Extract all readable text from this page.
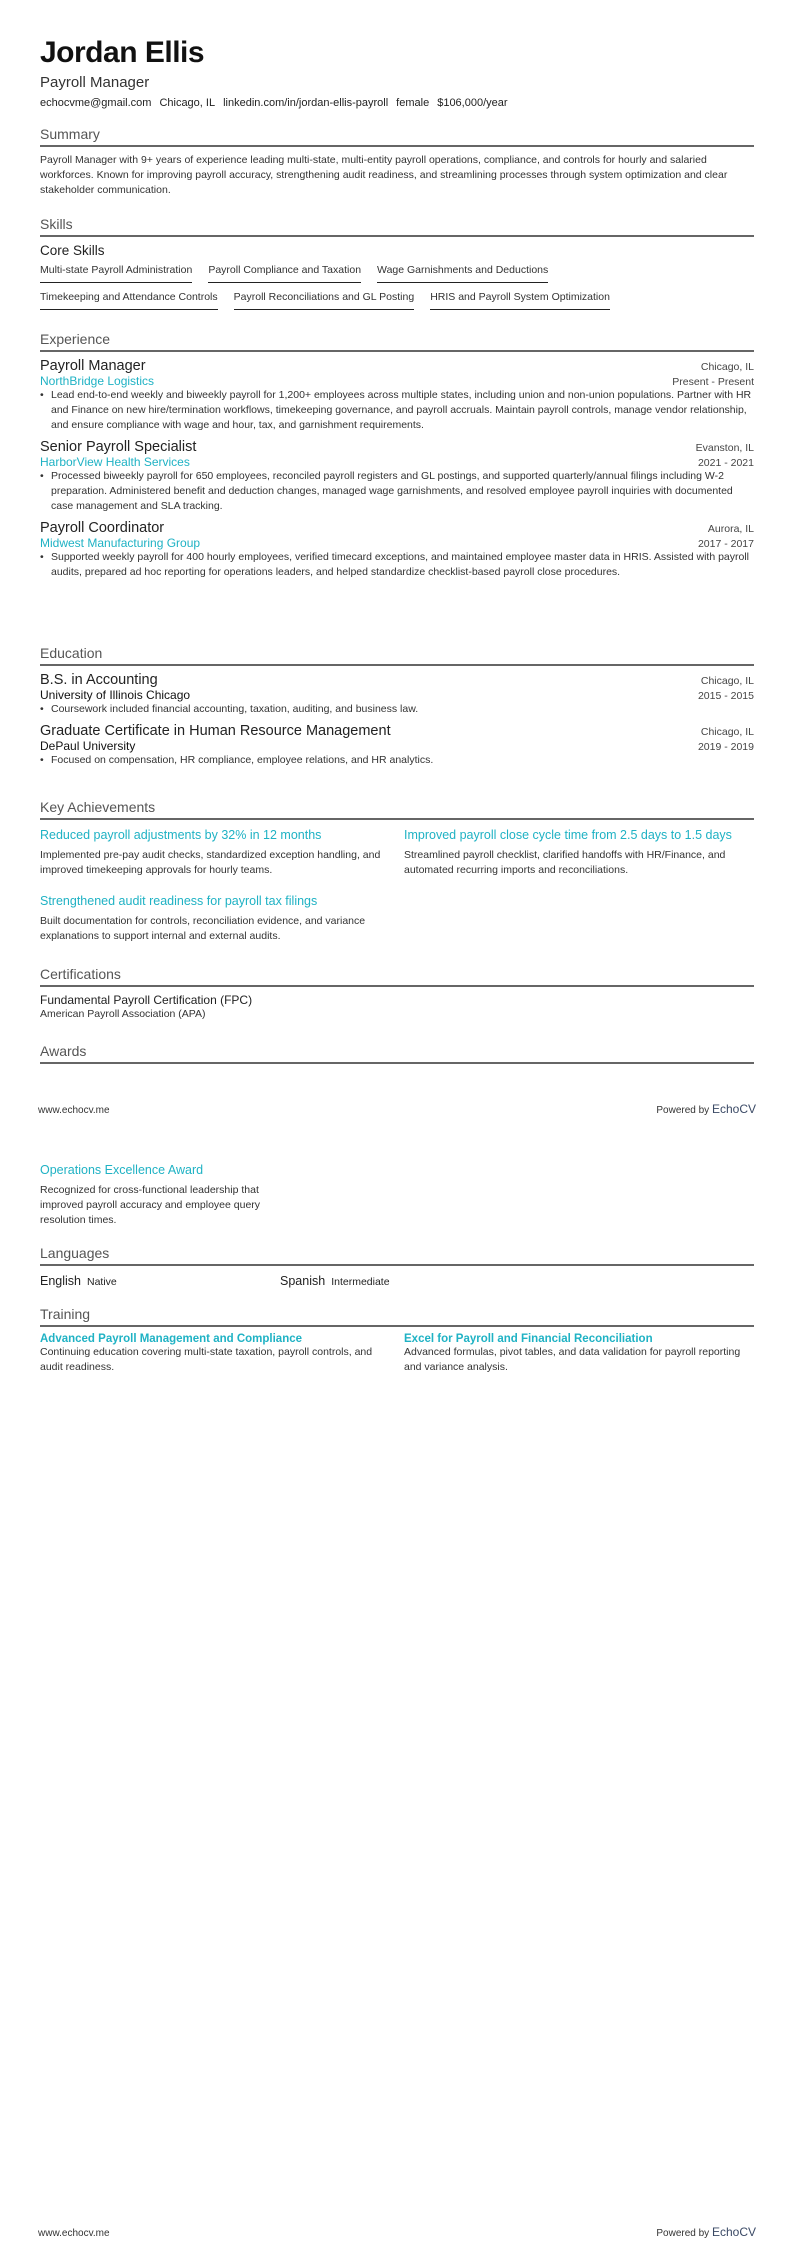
Jordan Ellis
Payroll Manager
echocvme@gmail.com Chicago, IL linkedin.com/in/jordan-ellis-payroll female $106,000/year
Summary
Payroll Manager with 9+ years of experience leading multi-state, multi-entity payroll operations, compliance, and controls for hourly and salaried workforces. Known for improving payroll accuracy, strengthening audit readiness, and streamlining processes through system optimization and clear stakeholder communication.
Skills
Core Skills
Multi-state Payroll Administration Payroll Compliance and Taxation Wage Garnishments and Deductions
Timekeeping and Attendance Controls Payroll Reconciliations and GL Posting HRIS and Payroll System Optimization
Experience
Payroll Manager	Chicago, IL
NorthBridge Logistics	Present - Present
• Lead end-to-end weekly and biweekly payroll for 1,200+ employees across multiple states, including union and non-union populations. Partner with HR and Finance on new hire/termination workflows, timekeeping governance, and payroll accruals. Maintain payroll controls, manage vendor relationship, and ensure compliance with wage and hour, tax, and garnishment requirements.
Senior Payroll Specialist	Evanston, IL
HarborView Health Services	2021 - 2021
• Processed biweekly payroll for 650 employees, reconciled payroll registers and GL postings, and supported quarterly/annual filings including W-2 preparation. Administered benefit and deduction changes, managed wage garnishments, and resolved employee payroll inquiries with documented case management and SLA tracking.
Payroll Coordinator	Aurora, IL
Midwest Manufacturing Group	2017 - 2017
• Supported weekly payroll for 400 hourly employees, verified timecard exceptions, and maintained employee master data in HRIS. Assisted with payroll audits, prepared ad hoc reporting for operations leaders, and helped standardize checklist-based payroll close procedures.
Education
B.S. in Accounting	Chicago, IL
University of Illinois Chicago	2015 - 2015
• Coursework included financial accounting, taxation, auditing, and business law.
Graduate Certificate in Human Resource Management	Chicago, IL
DePaul University	2019 - 2019
• Focused on compensation, HR compliance, employee relations, and HR analytics.
Key Achievements
Reduced payroll adjustments by 32% in 12 months
Implemented pre-pay audit checks, standardized exception handling, and improved timekeeping approvals for hourly teams.
Improved payroll close cycle time from 2.5 days to 1.5 days
Streamlined payroll checklist, clarified handoffs with HR/Finance, and automated recurring imports and reconciliations.
Strengthened audit readiness for payroll tax filings
Built documentation for controls, reconciliation evidence, and variance explanations to support internal and external audits.
Certifications
Fundamental Payroll Certification (FPC)
American Payroll Association (APA)
Awards
www.echocv.me	Powered by EchoCV
Operations Excellence Award
Recognized for cross-functional leadership that improved payroll accuracy and employee query resolution times.
Languages
English Native	Spanish Intermediate
Training
Advanced Payroll Management and Compliance
Continuing education covering multi-state taxation, payroll controls, and audit readiness.
Excel for Payroll and Financial Reconciliation
Advanced formulas, pivot tables, and data validation for payroll reporting and variance analysis.
www.echocv.me	Powered by EchoCV
